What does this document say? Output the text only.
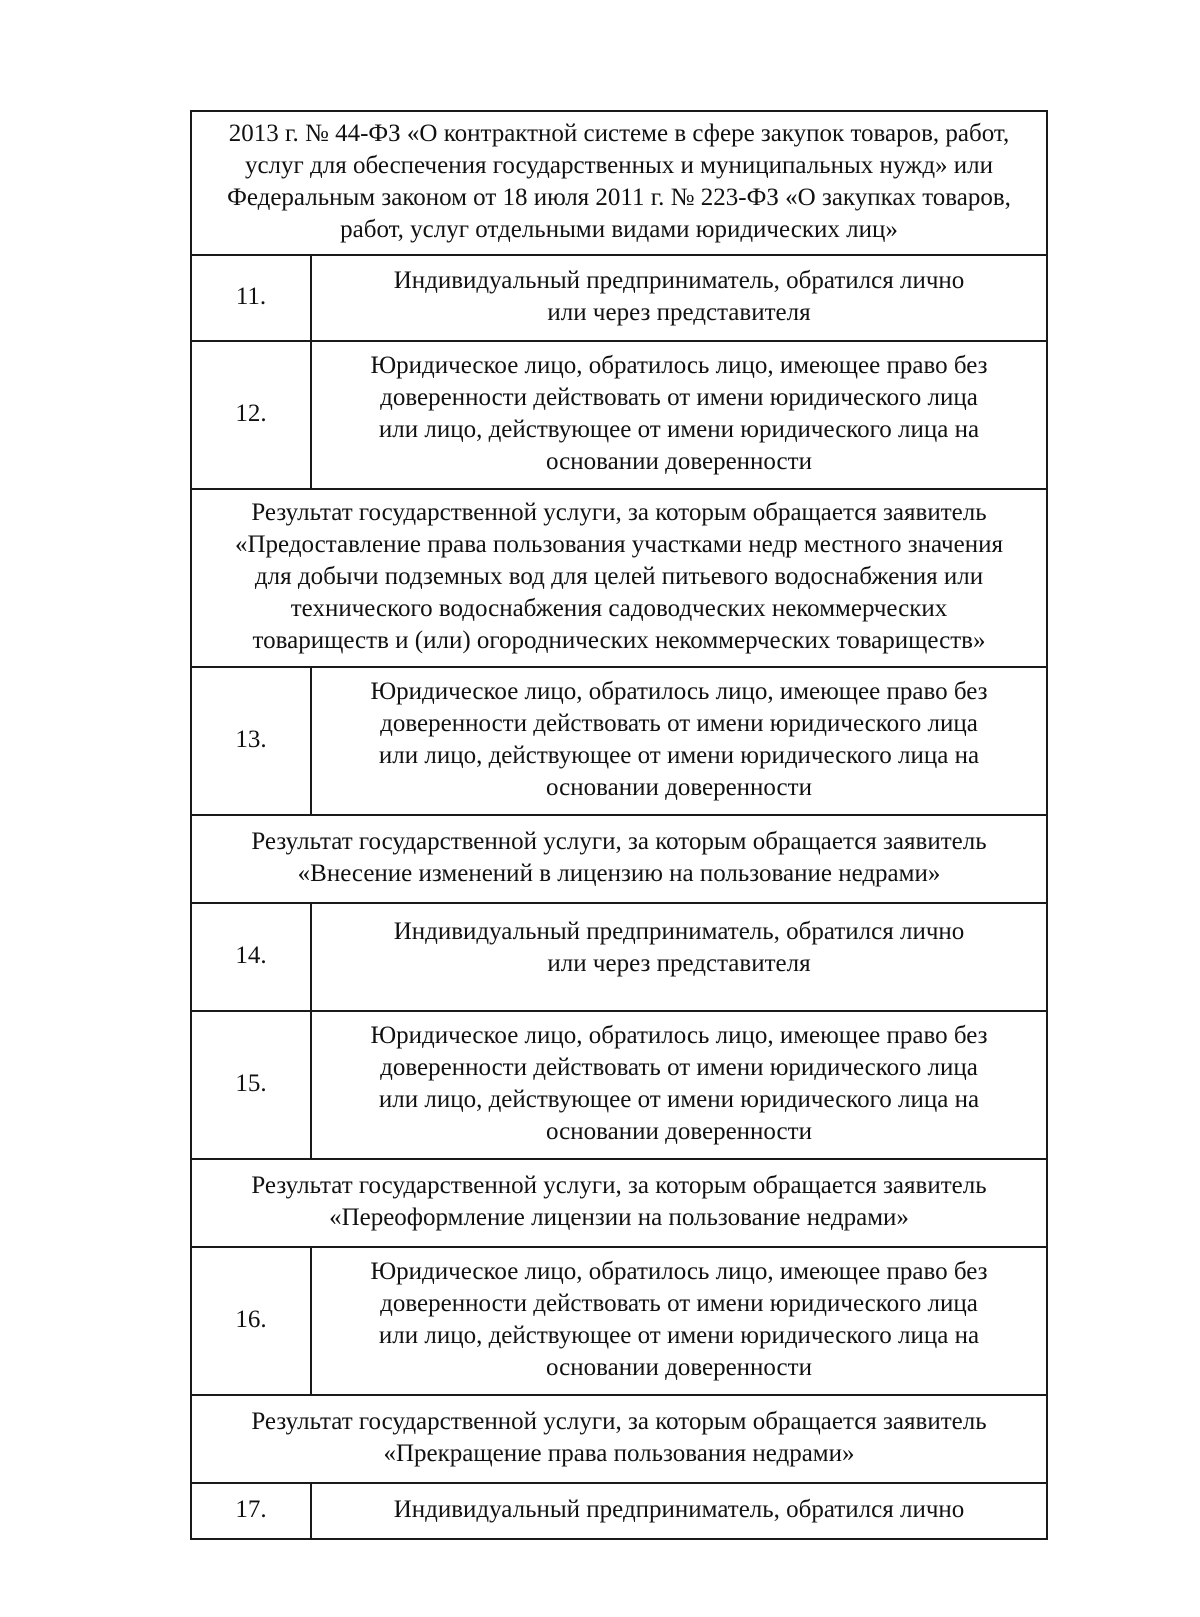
2013 г. № 44-ФЗ «О контрактной системе в сфере закупок товаров, работ,
услуг для обеспечения государственных и муниципальных нужд» или
Федеральным законом от 18 июля 2011 г. № 223-ФЗ «О закупках товаров,
работ, услуг отдельными видами юридических лиц»	
11.	Индивидуальный предприниматель, обратился лично
или через представителя
12.	Юридическое лицо, обратилось лицо, имеющее право без
доверенности действовать от имени юридического лица
или лицо, действующее от имени юридического лица на
основании доверенности
Результат государственной услуги, за которым обращается заявитель
«Предоставление права пользования участками недр местного значения
для добычи подземных вод для целей питьевого водоснабжения или
технического водоснабжения садоводческих некоммерческих
товариществ и (или) огороднических некоммерческих товариществ»	
13.	Юридическое лицо, обратилось лицо, имеющее право без
доверенности действовать от имени юридического лица
или лицо, действующее от имени юридического лица на
основании доверенности
Результат государственной услуги, за которым обращается заявитель
«Внесение изменений в лицензию на пользование недрами»	
14.	Индивидуальный предприниматель, обратился лично
или через представителя
15.	Юридическое лицо, обратилось лицо, имеющее право без
доверенности действовать от имени юридического лица
или лицо, действующее от имени юридического лица на
основании доверенности
Результат государственной услуги, за которым обращается заявитель
«Переоформление лицензии на пользование недрами»	
16.	Юридическое лицо, обратилось лицо, имеющее право без
доверенности действовать от имени юридического лица
или лицо, действующее от имени юридического лица на
основании доверенности
Результат государственной услуги, за которым обращается заявитель
«Прекращение права пользования недрами»	
17.	Индивидуальный предприниматель, обратился лично
